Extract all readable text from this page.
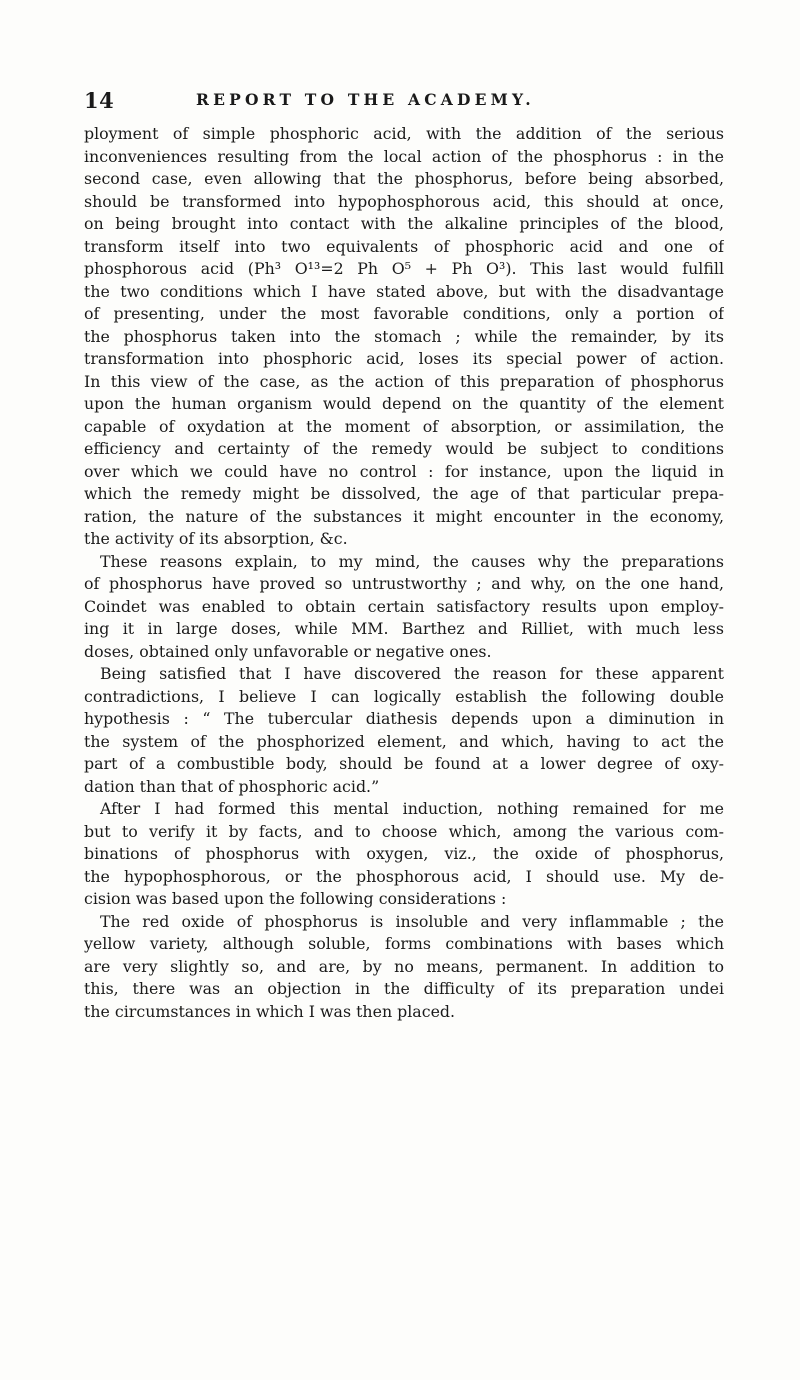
14	REPORT TO THE ACADEMY.
ployment of simple phosphoric acid, with the addition of the serious
inconveniences resulting from the local action of the phosphorus : in the
second case, even allowing that the phosphorus, before being absorbed,
should be transformed into hypophosphorous acid, this should at once,
on being brought into contact with the alkaline principles of the blood,
transform itself into two equivalents of phosphoric acid and one of
phosphorous acid (Ph³ O¹³=2 Ph O⁵ + Ph O³). This last would fulfill
the two conditions which I have stated above, but with the disadvantage
of presenting, under the most favorable conditions, only a portion of
the phosphorus taken into the stomach ; while the remainder, by its
transformation into phosphoric acid, loses its special power of action.
In this view of the case, as the action of this preparation of phosphorus
upon the human organism would depend on the quantity of the element
capable of oxydation at the moment of absorption, or assimilation, the
efficiency and certainty of the remedy would be subject to conditions
over which we could have no control : for instance, upon the liquid in
which the remedy might be dissolved, the age of that particular prepa-
ration, the nature of the substances it might encounter in the economy,
the activity of its absorption, &c.
These reasons explain, to my mind, the causes why the preparations
of phosphorus have proved so untrustworthy ; and why, on the one hand,
Coindet was enabled to obtain certain satisfactory results upon employ-
ing it in large doses, while MM. Barthez and Rilliet, with much less
doses, obtained only unfavorable or negative ones.
Being satisfied that I have discovered the reason for these apparent
contradictions, I believe I can logically establish the following double
hypothesis : “ The tubercular diathesis depends upon a diminution in
the system of the phosphorized element, and which, having to act the
part of a combustible body, should be found at a lower degree of oxy-
dation than that of phosphoric acid.”
After I had formed this mental induction, nothing remained for me
but to verify it by facts, and to choose which, among the various com-
binations of phosphorus with oxygen, viz., the oxide of phosphorus,
the hypophosphorous, or the phosphorous acid, I should use. My de-
cision was based upon the following considerations :
The red oxide of phosphorus is insoluble and very inflammable ; the
yellow variety, although soluble, forms combinations with bases which
are very slightly so, and are, by no means, permanent. In addition to
this, there was an objection in the difficulty of its preparation undei
the circumstances in which I was then placed.
